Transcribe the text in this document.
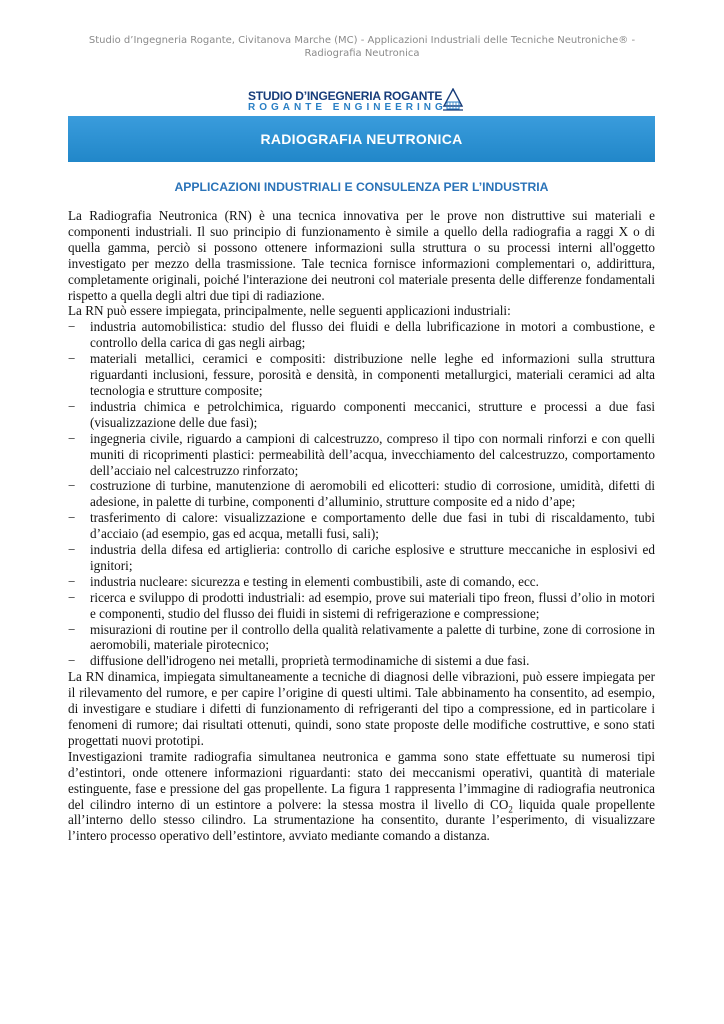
Studio d’Ingegneria Rogante, Civitanova Marche (MC) - Applicazioni Industriali delle Tecniche Neutroniche® - Radiografia Neutronica
STUDIO D’INGEGNERIA ROGANTE
ROGANTE ENGINEERING
RADIOGRAFIA NEUTRONICA
APPLICAZIONI INDUSTRIALI E CONSULENZA PER L’INDUSTRIA

La Radiografia Neutronica (RN) è una tecnica innovativa per le prove non distruttive sui materiali e componenti industriali. Il suo principio di funzionamento è simile a quello della radiografia a raggi X o di quella gamma, perciò si possono ottenere informazioni sulla struttura o su processi interni all'oggetto investigato per mezzo della trasmissione. Tale tecnica fornisce informazioni complementari o, addirittura, completamente originali, poiché l'interazione dei neutroni col materiale presenta delle differenze fondamentali rispetto a quella degli altri due tipi di radiazione.

La RN può essere impiegata, principalmente, nelle seguenti applicazioni industriali:

− industria automobilistica: studio del flusso dei fluidi e della lubrificazione in motori a combustione, e controllo della carica di gas negli airbag;
− materiali metallici, ceramici e compositi: distribuzione nelle leghe ed informazioni sulla struttura riguardanti inclusioni, fessure, porosità e densità, in componenti metallurgici, materiali ceramici ad alta tecnologia e strutture composite;
− industria chimica e petrolchimica, riguardo componenti meccanici, strutture e processi a due fasi (visualizzazione delle due fasi);
− ingegneria civile, riguardo a campioni di calcestruzzo, compreso il tipo con normali rinforzi e con quelli muniti di ricoprimenti plastici: permeabilità dell’acqua, invecchiamento del calcestruzzo, comportamento dell’acciaio nel calcestruzzo rinforzato;
− costruzione di turbine, manutenzione di aeromobili ed elicotteri: studio di corrosione, umidità, difetti di adesione, in palette di turbine, componenti d’alluminio, strutture composite ed a nido d’ape;
− trasferimento di calore: visualizzazione e comportamento delle due fasi in tubi di riscaldamento, tubi d’acciaio (ad esempio, gas ed acqua, metalli fusi, sali);
− industria della difesa ed artiglieria: controllo di cariche esplosive e strutture meccaniche in esplosivi ed ignitori;
− industria nucleare: sicurezza e testing in elementi combustibili, aste di comando, ecc.
− ricerca e sviluppo di prodotti industriali: ad esempio, prove sui materiali tipo freon, flussi d’olio in motori e componenti, studio del flusso dei fluidi in sistemi di refrigerazione e compressione;
− misurazioni di routine per il controllo della qualità relativamente a palette di turbine, zone di corrosione in aeromobili, materiale pirotecnico;
− diffusione dell'idrogeno nei metalli, proprietà termodinamiche di sistemi a due fasi.

La RN dinamica, impiegata simultaneamente a tecniche di diagnosi delle vibrazioni, può essere impiegata per il rilevamento del rumore, e per capire l’origine di questi ultimi. Tale abbinamento ha consentito, ad esempio, di investigare e studiare i difetti di funzionamento di refrigeranti del tipo a compressione, ed in particolare i fenomeni di rumore; dai risultati ottenuti, quindi, sono state proposte delle modifiche costruttive, e sono stati progettati nuovi prototipi.

Investigazioni tramite radiografia simultanea neutronica e gamma sono state effettuate su numerosi tipi d’estintori, onde ottenere informazioni riguardanti: stato dei meccanismi operativi, quantità di materiale estinguente, fase e pressione del gas propellente. La figura 1 rappresenta l’immagine di radiografia neutronica del cilindro interno di un estintore a polvere: la stessa mostra il livello di $CO_2$ liquida quale propellente all’interno dello stesso cilindro. La strumentazione ha consentito, durante l’esperimento, di visualizzare l’intero processo operativo dell’estintore, avviato mediante comando a distanza.
